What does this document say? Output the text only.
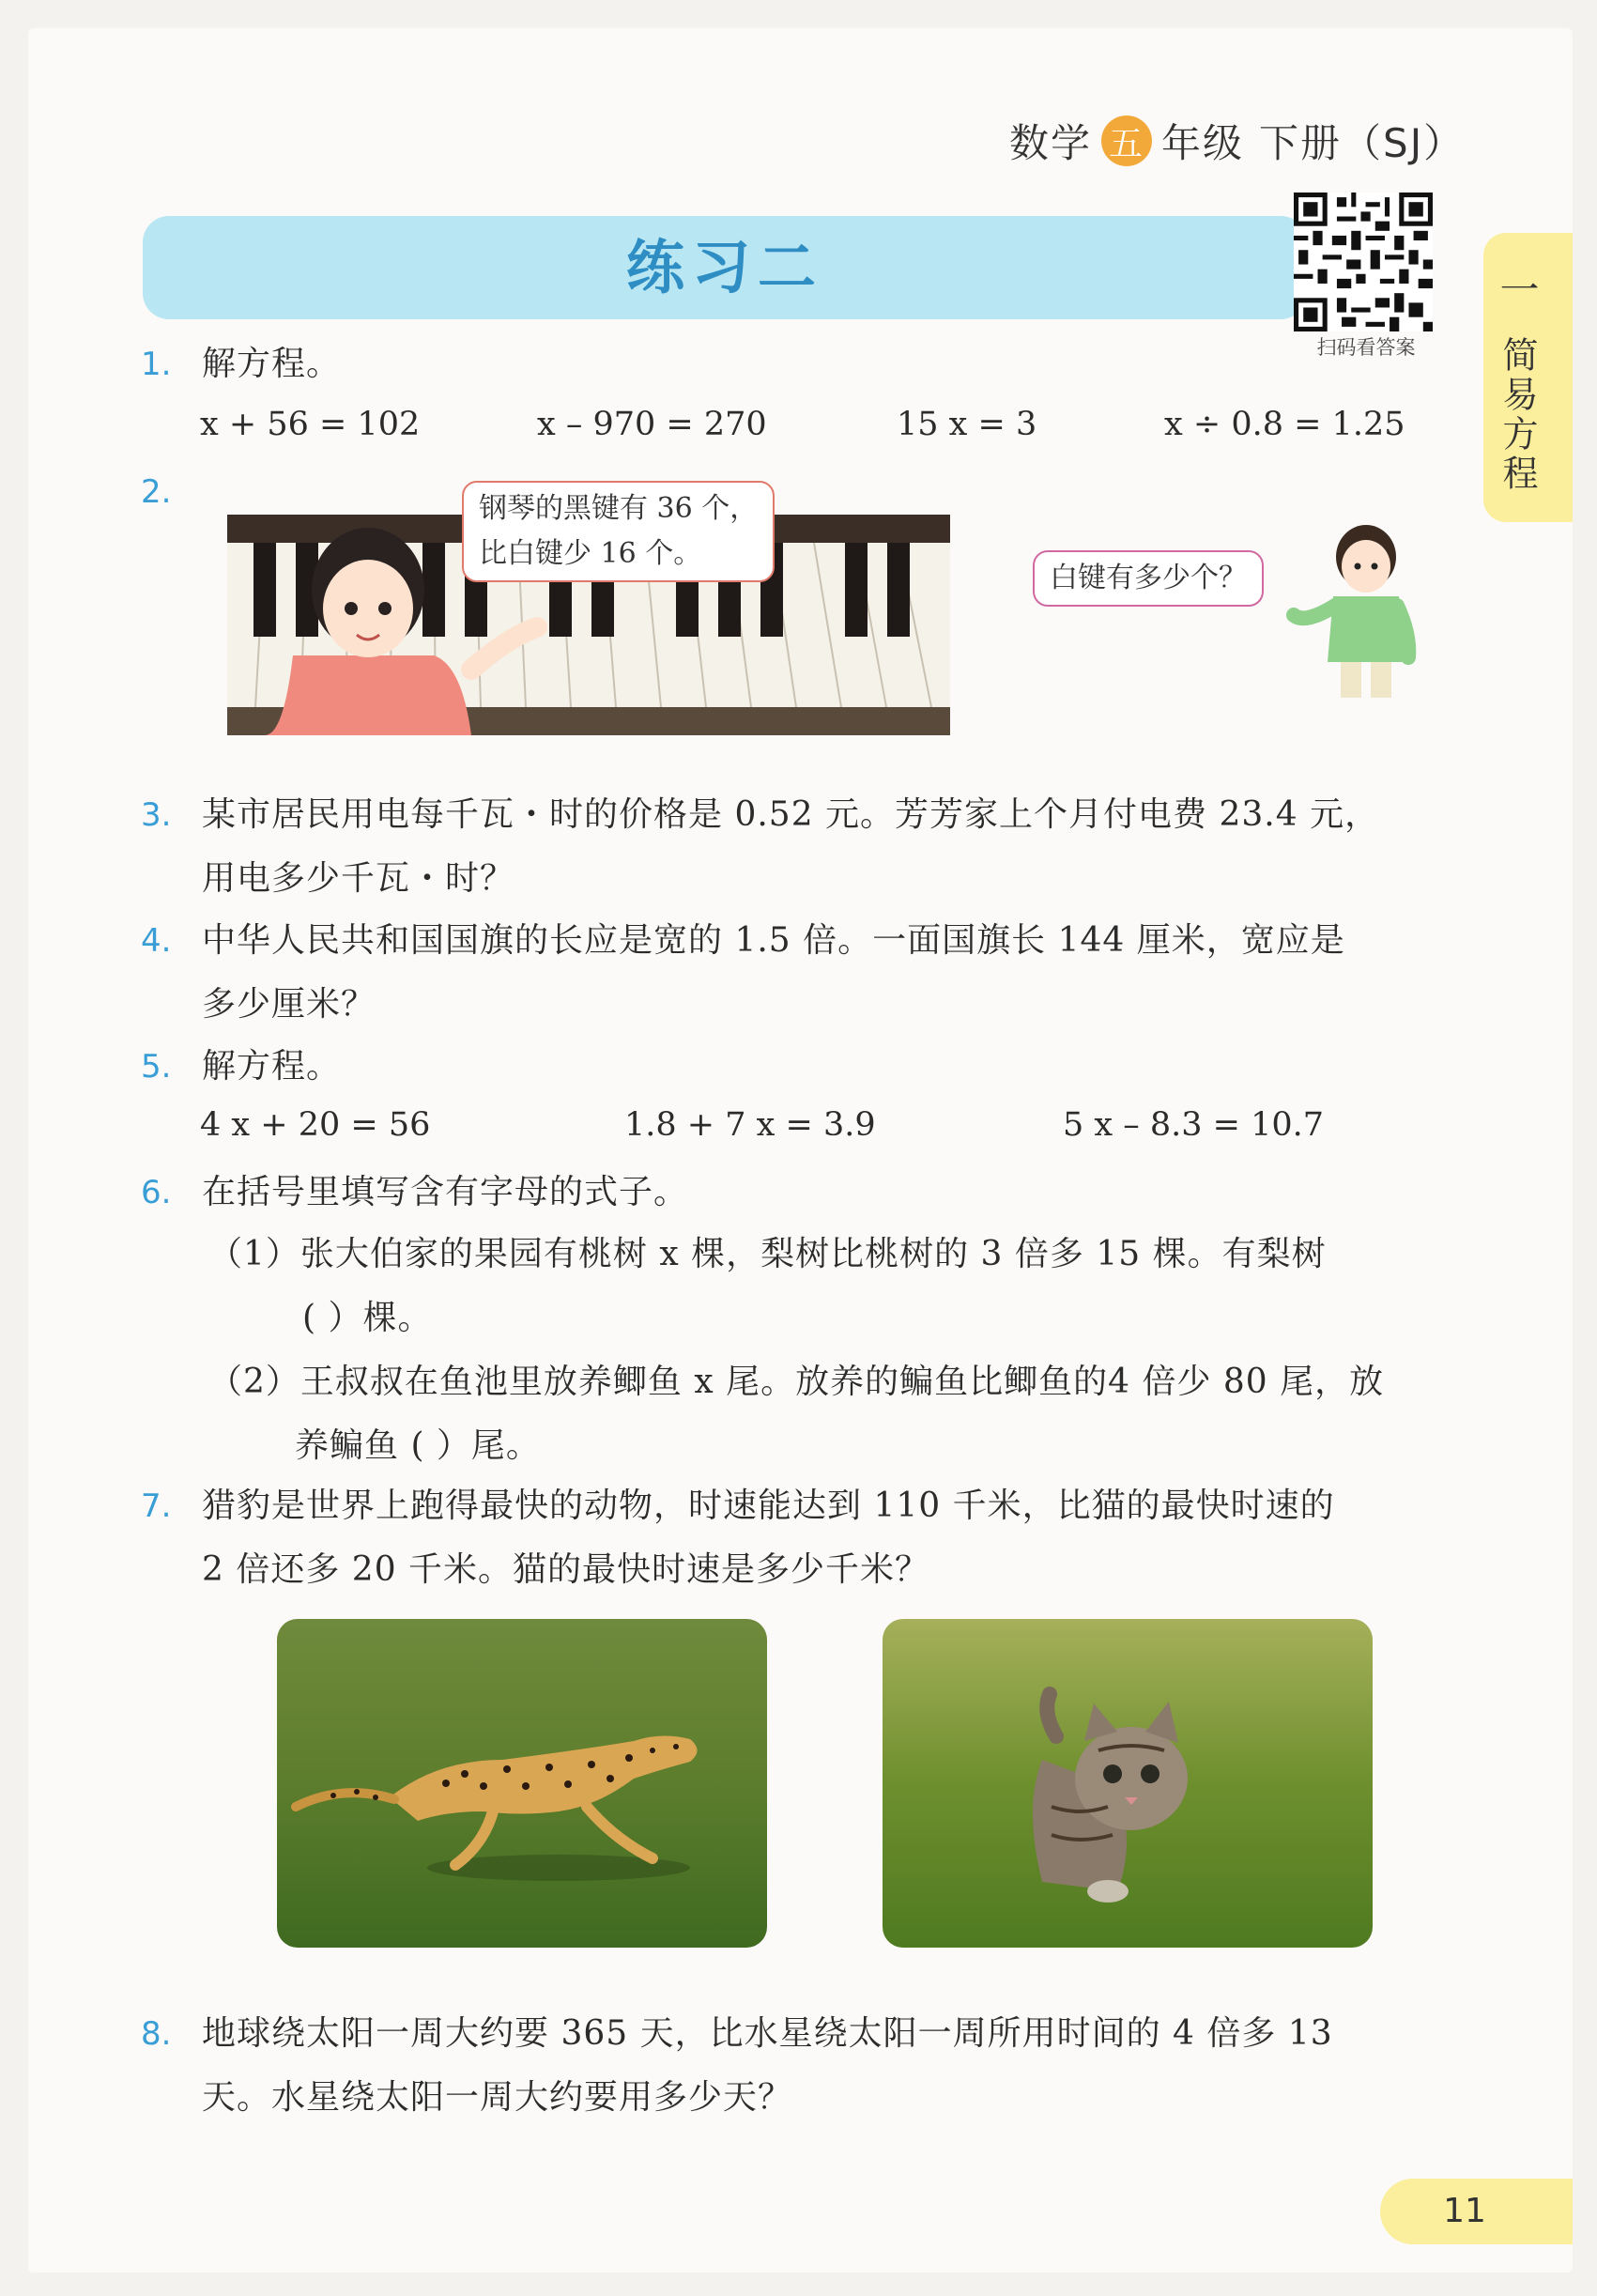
数学 五 年级 下册（SJ）
练习二
扫码看答案
一
简易方程
1. 解方程。
x + 56 = 102	x – 970 = 270	15 x = 3	x ÷ 0.8 = 1.25
2.	钢琴的黑键有 36 个，
比白键少 16 个。
白键有多少个？
3. 某市居民用电每千瓦・时的价格是 0.52 元。芳芳家上个月付电费 23.4 元，
用电多少千瓦・时？
4. 中华人民共和国国旗的长应是宽的 1.5 倍。一面国旗长 144 厘米，宽应是
多少厘米？
5. 解方程。
4 x + 20 = 56	1.8 + 7 x = 3.9	5 x – 8.3 = 10.7
6. 在括号里填写含有字母的式子。
（1）张大伯家的果园有桃树 x 棵，梨树比桃树的 3 倍多 15 棵。有梨树
( ）棵。
（2）王叔叔在鱼池里放养鲫鱼 x 尾。放养的鳊鱼比鲫鱼的4 倍少 80 尾，放
养鳊鱼 ( ）尾。
7. 猎豹是世界上跑得最快的动物，时速能达到 110 千米，比猫的最快时速的
2 倍还多 20 千米。猫的最快时速是多少千米？
8. 地球绕太阳一周大约要 365 天，比水星绕太阳一周所用时间的 4 倍多 13
天。水星绕太阳一周大约要用多少天？
11
